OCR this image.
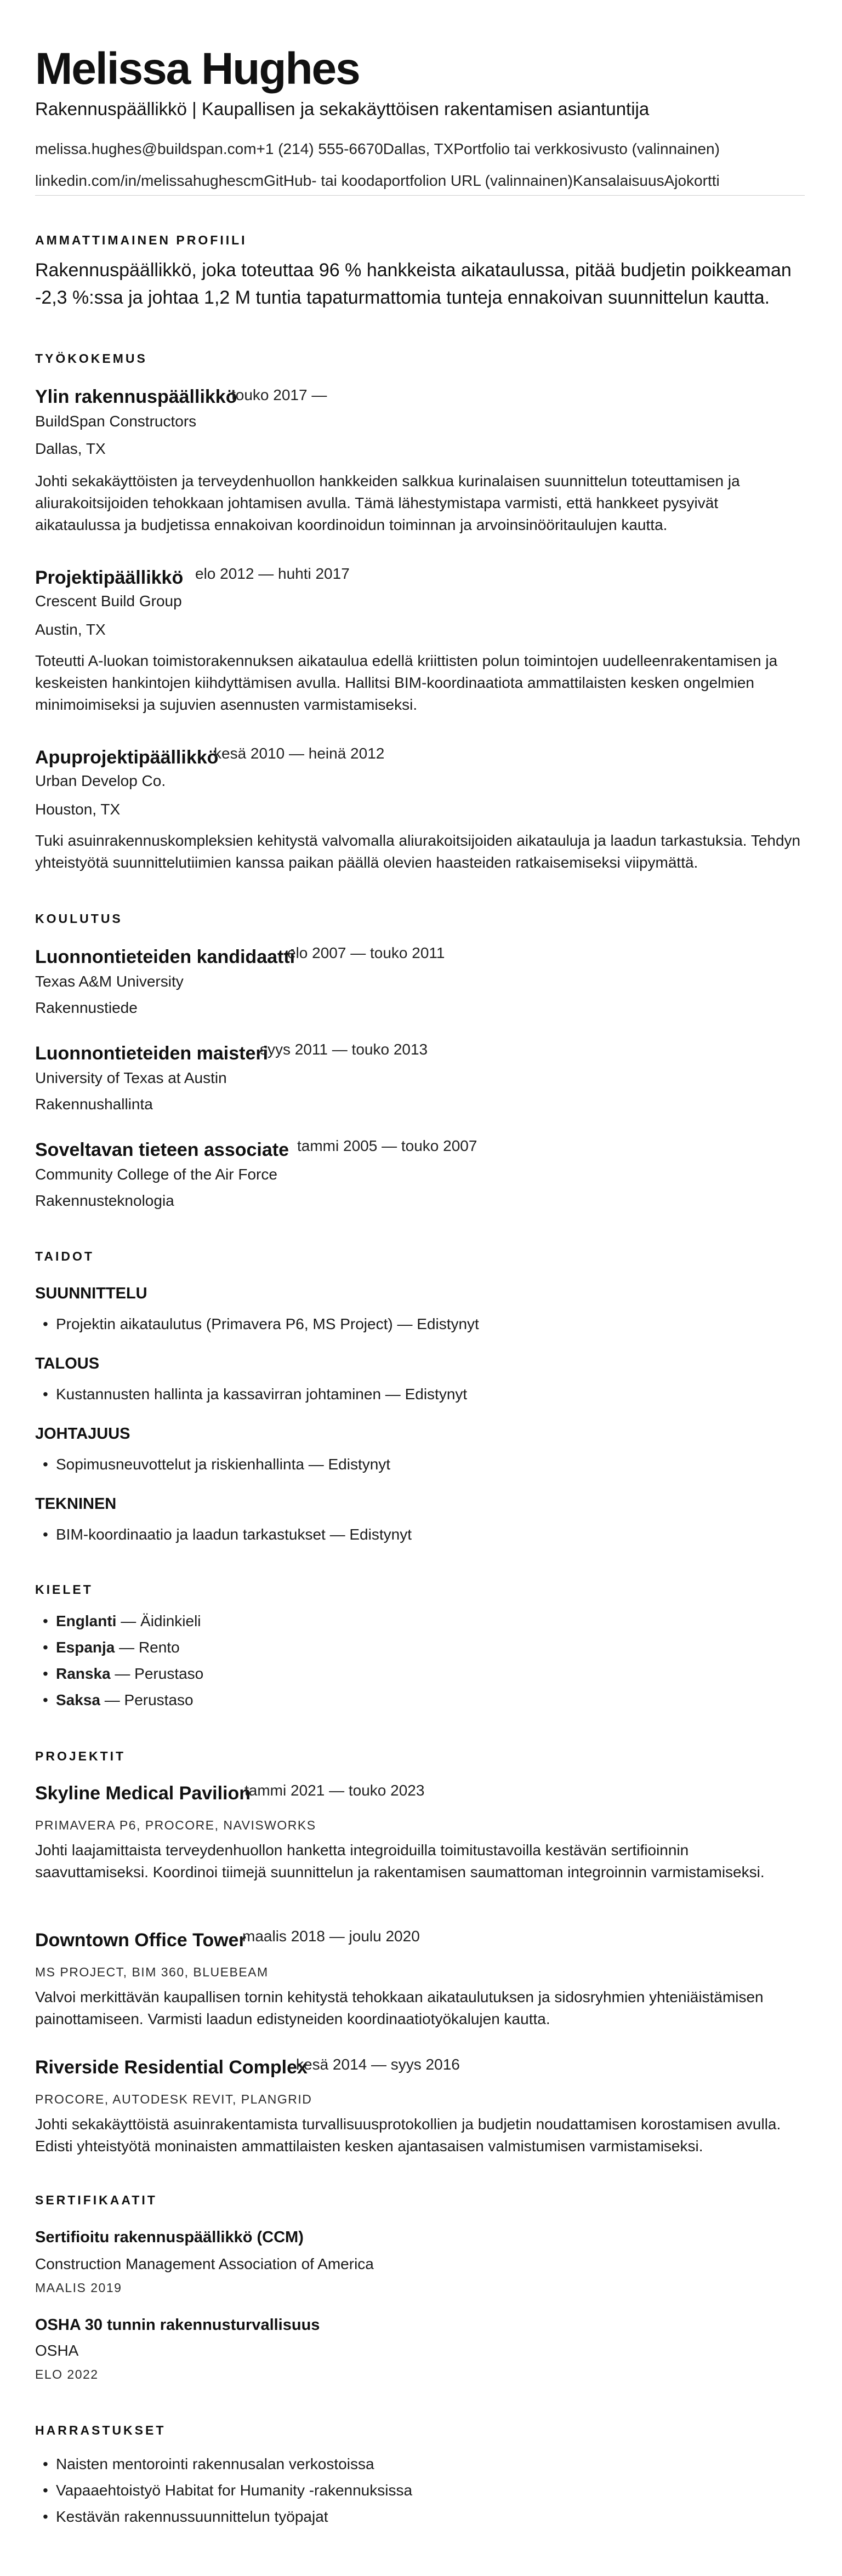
Melissa Hughes
Rakennuspäällikkö | Kaupallisen ja sekakäyttöisen rakentamisen asiantuntija
melissa.hughes@buildspan.com+1 (214) 555-6670Dallas, TXPortfolio tai verkkosivusto (valinnainen)
linkedin.com/in/melissahughescmGitHub- tai koodaportfolion URL (valinnainen)KansalaisuusAjokortti
AMMATTIMAINEN PROFIILI
Rakennuspäällikkö, joka toteuttaa 96 % hankkeista aikataulussa, pitää budjetin poikkeaman -2,3 %:ssa ja johtaa 1,2 M tuntia tapaturmattomia tunteja ennakoivan suunnittelun kautta.
TYÖKOKEMUS
Ylin rakennuspäällikkö
touko 2017 —
BuildSpan Constructors
Dallas, TX
Johti sekakäyttöisten ja terveydenhuollon hankkeiden salkkua kurinalaisen suunnittelun toteuttamisen ja aliurakoitsijoiden tehokkaan johtamisen avulla. Tämä lähestymistapa varmisti, että hankkeet pysyivät aikataulussa ja budjetissa ennakoivan koordinoidun toiminnan ja arvoinsinööritaulujen kautta.
Projektipäällikkö elo 2012 — huhti 2017
Crescent Build Group
Austin, TX
Toteutti A-luokan toimistorakennuksen aikataulua edellä kriittisten polun toimintojen uudelleenrakentamisen ja keskeisten hankintojen kiihdyttämisen avulla. Hallitsi BIM-koordinaatiota ammattilaisten kesken ongelmien minimoimiseksi ja sujuvien asennusten varmistamiseksi.
Apuprojektipäällikkö
kesä 2010 — heinä 2012
Urban Develop Co.
Houston, TX
Tuki asuinrakennuskompleksien kehitystä valvomalla aliurakoitsijoiden aikatauluja ja laadun tarkastuksia. Tehdyn yhteistyötä suunnittelutiimien kanssa paikan päällä olevien haasteiden ratkaisemiseksi viipymättä.
KOULUTUS
Luonnontieteiden kandidaatti
elo 2007 — touko 2011
Texas A&M University
Rakennustiede
Luonnontieteiden maisteri
syys 2011 — touko 2013
University of Texas at Austin
Rakennushallinta
Soveltavan tieteen associate tammi 2005 — touko 2007
Community College of the Air Force
Rakennusteknologia
TAIDOT
SUUNNITTELU
• Projektin aikataulutus (Primavera P6, MS Project) — Edistynyt
TALOUS
• Kustannusten hallinta ja kassavirran johtaminen — Edistynyt
JOHTAJUUS
• Sopimusneuvottelut ja riskienhallinta — Edistynyt
TEKNINEN
• BIM-koordinaatio ja laadun tarkastukset — Edistynyt
KIELET
• Englanti — Äidinkieli
• Espanja — Rento
• Ranska — Perustaso
• Saksa — Perustaso
PROJEKTIT
Skyline Medical Pavilion
tammi 2021 — touko 2023
PRIMAVERA P6, PROCORE, NAVISWORKS
Johti laajamittaista terveydenhuollon hanketta integroiduilla toimitustavoilla kestävän sertifioinnin saavuttamiseksi. Koordinoi tiimejä suunnittelun ja rakentamisen saumattoman integroinnin varmistamiseksi.
Downtown Office Tower
maalis 2018 — joulu 2020
MS PROJECT, BIM 360, BLUEBEAM
Valvoi merkittävän kaupallisen tornin kehitystä tehokkaan aikataulutuksen ja sidosryhmien yhteniäistämisen painottamiseen. Varmisti laadun edistyneiden koordinaatiotyökalujen kautta.
Riverside Residential Complex
kesä 2014 — syys 2016
PROCORE, AUTODESK REVIT, PLANGRID
Johti sekakäyttöistä asuinrakentamista turvallisuusprotokollien ja budjetin noudattamisen korostamisen avulla. Edisti yhteistyötä moninaisten ammattilaisten kesken ajantasaisen valmistumisen varmistamiseksi.
SERTIFIKAATIT
Sertifioitu rakennuspäällikkö (CCM)
Construction Management Association of America
MAALIS 2019
OSHA 30 tunnin rakennusturvallisuus
OSHA
ELO 2022
HARRASTUKSET
• Naisten mentorointi rakennusalan verkostoissa
• Vapaaehtoistyö Habitat for Humanity -rakennuksissa
• Kestävän rakennussuunnittelun työpajat
